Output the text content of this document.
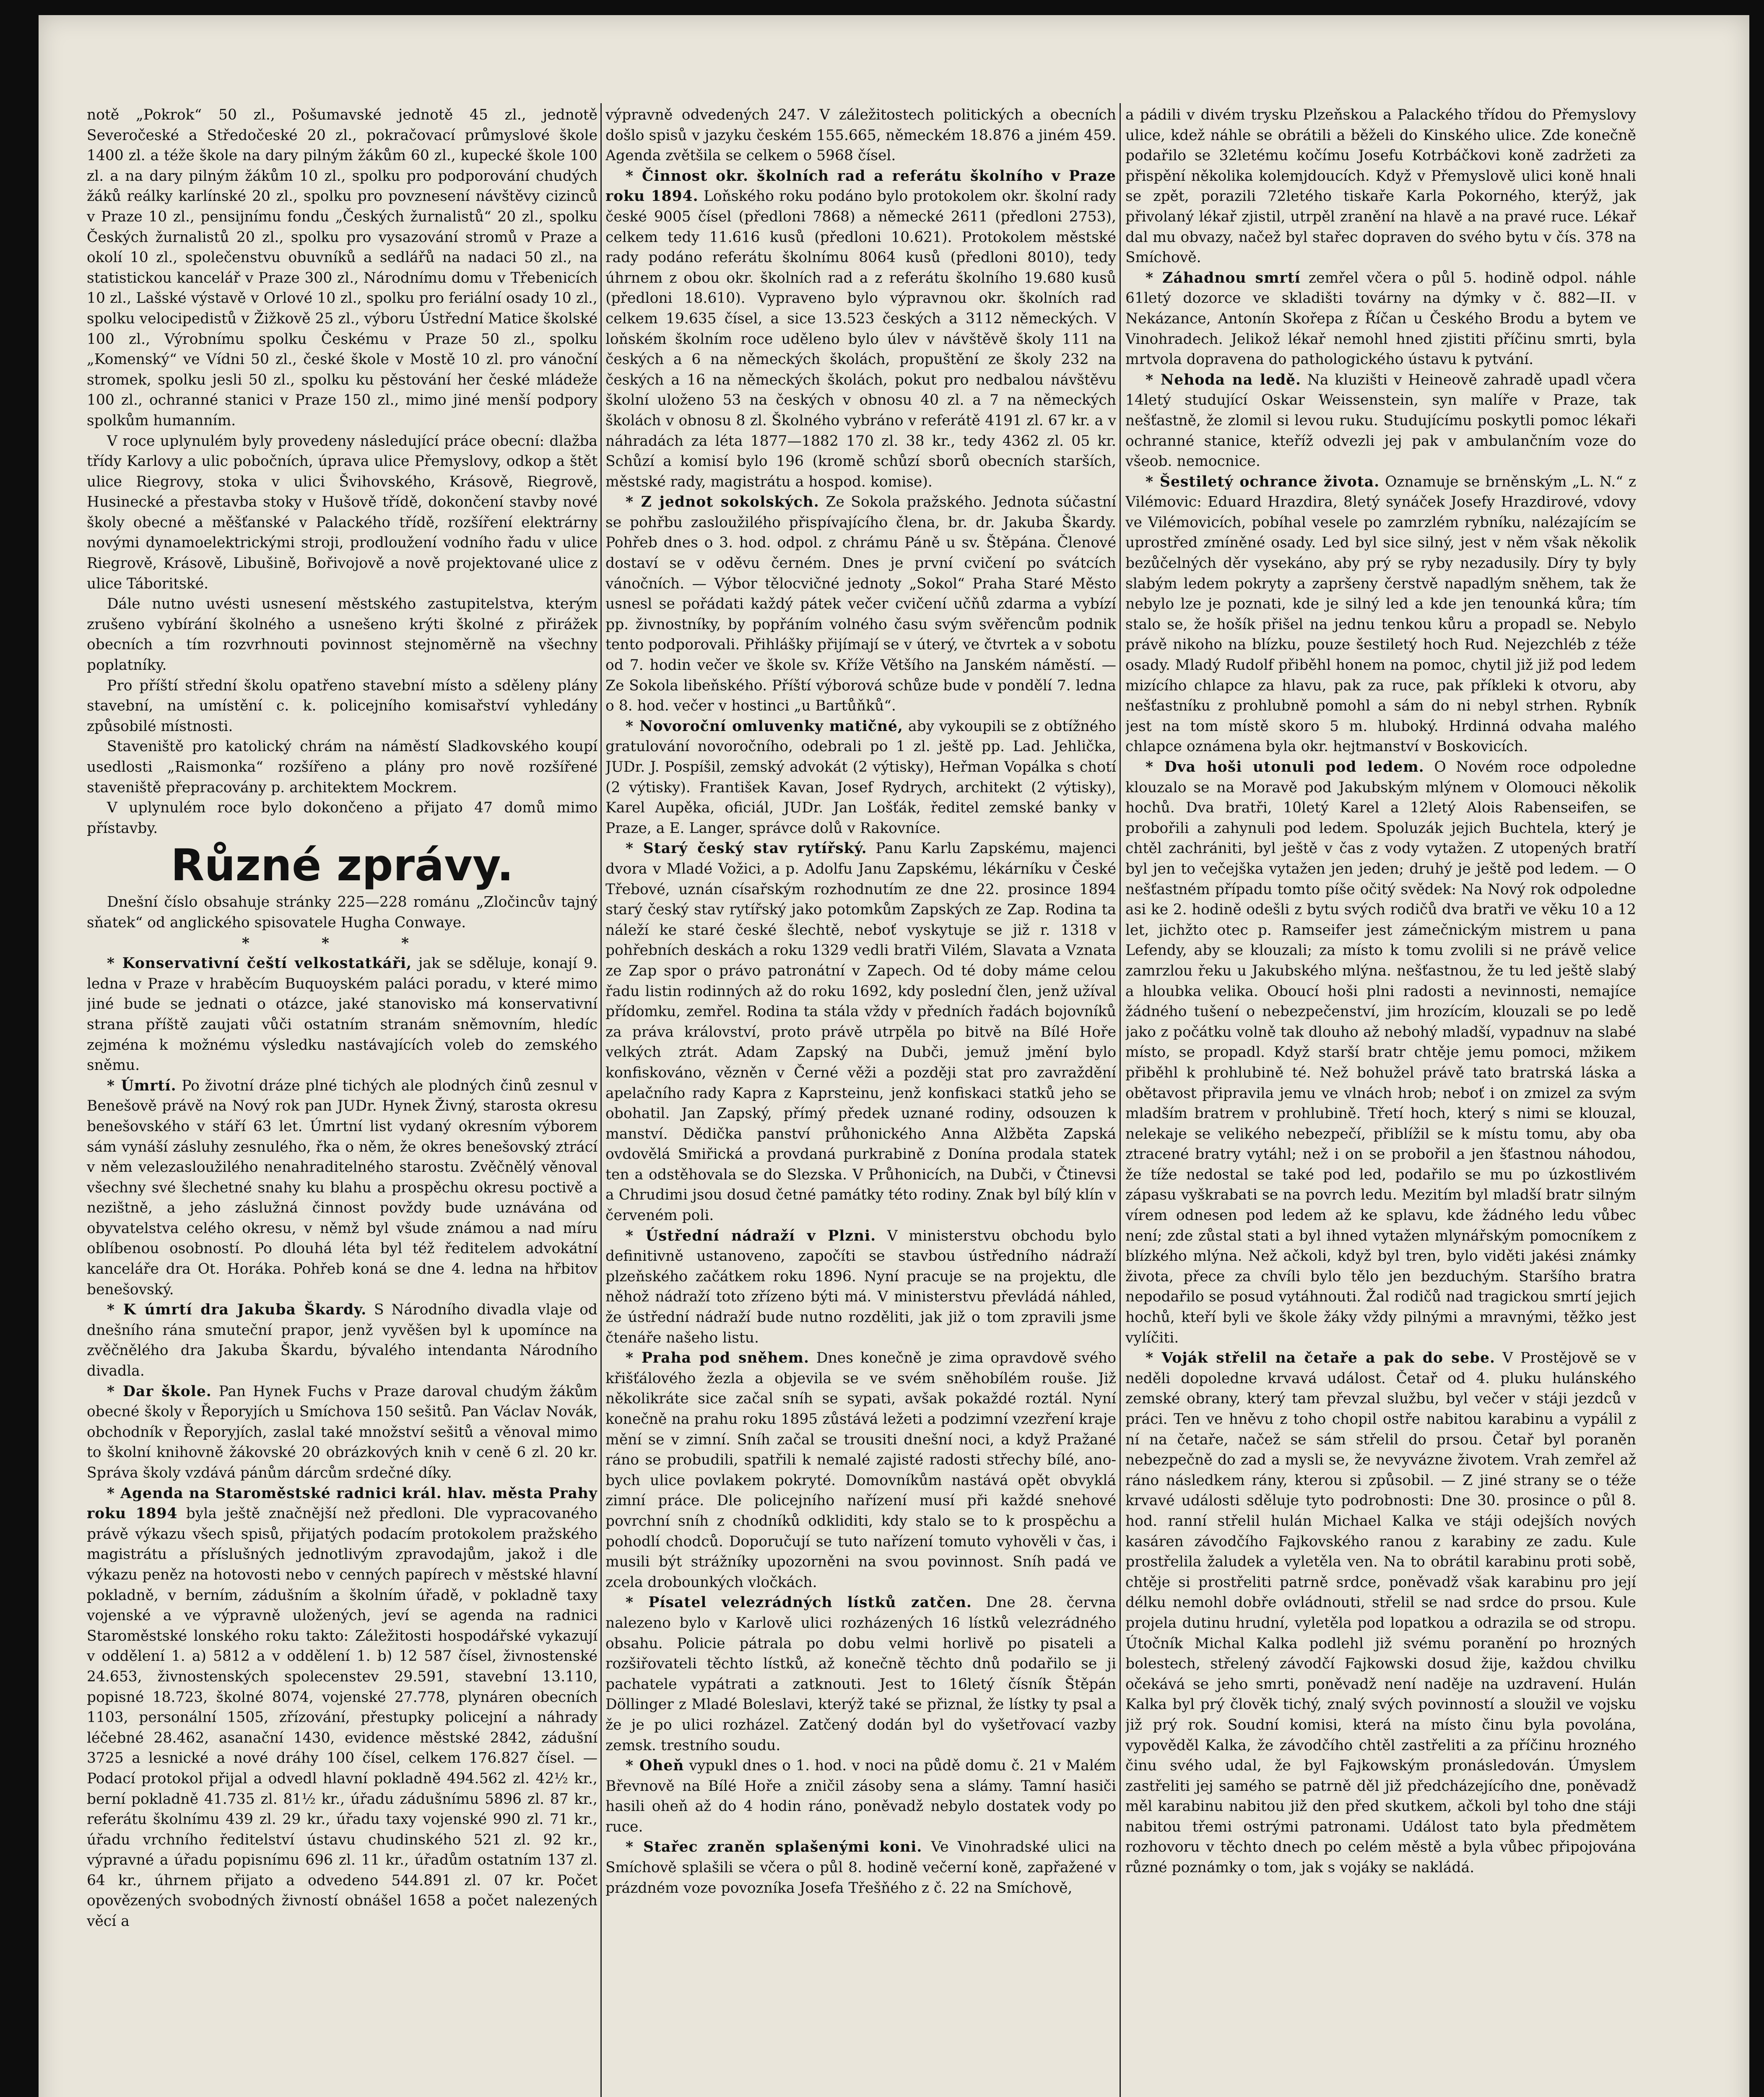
notě „Pokrok“ 50 zl., Pošumavské jednotě 45 zl., jednotě Severočeské a Středočeské 20 zl., pokračovací průmyslové škole 1400 zl. a téže škole na dary pilným žákům 60 zl., kupecké škole 100 zl. a na dary pilným žákům 10 zl., spolku pro podporování chudých žáků reálky karlínské 20 zl., spolku pro povznesení návštěvy cizinců v Praze 10 zl., pensijnímu fondu „Českých žurnalistů“ 20 zl., spolku Českých žurnalistů 20 zl., spolku pro vysazování stromů v Praze a okolí 10 zl., společenstvu obuvníků a sedlářů na nadaci 50 zl., na statistickou kancelář v Praze 300 zl., Národnímu domu v Třebenicích 10 zl., Lašské výstavě v Orlové 10 zl., spolku pro feriální osady 10 zl., spolku velocipedistů v Žižkově 25 zl., výboru Ústřední Matice školské 100 zl., Výrobnímu spolku Českému v Praze 50 zl., spolku „Komenský“ ve Vídni 50 zl., české škole v Mostě 10 zl. pro vánoční stromek, spolku jesli 50 zl., spolku ku pěstování her české mládeže 100 zl., ochranné stanici v Praze 150 zl., mimo jiné menší podpory spolkům humanním.

V roce uplynulém byly provedeny následující práce obecní: dlažba třídy Karlovy a ulic pobočních, úprava ulice Přemyslovy, odkop a štět ulice Riegrovy, stoka v ulici Švihovského, Krásově, Riegrově, Husinecké a přestavba stoky v Hušově třídě, dokončení stavby nové školy obecné a měšťanské v Palackého třídě, rozšíření elektrárny novými dynamoelektrickými stroji, prodloužení vodního řadu v ulice Riegrově, Krásově, Libušině, Bořivojově a nově projektované ulice z ulice Táboritské.

Dále nutno uvésti usnesení městského zastupitelstva, kterým zrušeno vybírání školného a usnešeno krýti školné z přirážek obecních a tím rozvrhnouti povinnost stejnoměrně na všechny poplatníky.

Pro příští střední školu opatřeno stavební místo a sděleny plány stavební, na umístění c. k. policejního komisařství vyhledány způsobilé místnosti.

Staveniště pro katolický chrám na náměstí Sladkovského koupí usedlosti „Raismonka“ rozšířeno a plány pro nově rozšířené staveniště přepracovány p. architektem Mockrem.

V uplynulém roce bylo dokončeno a přijato 47 domů mimo přístavby.

Různé zprávy.

Dnešní číslo obsahuje stránky 225—228 románu „Zločincův tajný sňatek“ od anglického spisovatele Hugha Conwaye.

* * *

* Konservativní čeští velkostatkáři, jak se sděluje, konají 9. ledna v Praze v hraběcím Buquoyském paláci poradu, v které mimo jiné bude se jednati o otázce, jaké stanovisko má konservativní strana příště zaujati vůči ostatním stranám sněmovním, hledíc zejména k možnému výsledku nastávajících voleb do zemského sněmu.

* Úmrtí. Po životní dráze plné tichých ale plodných činů zesnul v Benešově právě na Nový rok pan JUDr. Hynek Živný, starosta okresu benešovského v stáří 63 let. Úmrtní list vydaný okresním výborem sám vynáší zásluhy zesnulého, řka o něm, že okres benešovský ztrácí v něm velezasloužilého nenahraditelného starostu. Zvěčnělý věnoval všechny své šlechetné snahy ku blahu a prospěchu okresu poctivě a nezištně, a jeho záslužná činnost povždy bude uznávána od obyvatelstva celého okresu, v němž byl všude známou a nad míru oblíbenou osobností. Po dlouhá léta byl též ředitelem advokátní kanceláře dra Ot. Horáka. Pohřeb koná se dne 4. ledna na hřbitov benešovský.

* K úmrtí dra Jakuba Škardy. S Národního divadla vlaje od dnešního rána smuteční prapor, jenž vyvěšen byl k upomínce na zvěčnělého dra Jakuba Škardu, bývalého intendanta Národního divadla.

* Dar škole. Pan Hynek Fuchs v Praze daroval chudým žákům obecné školy v Řeporyjích u Smíchova 150 sešitů. Pan Václav Novák, obchodník v Řeporyjích, zaslal také množství sešitů a věnoval mimo to školní knihovně žákovské 20 obrázkových knih v ceně 6 zl. 20 kr. Správa školy vzdává pánům dárcům srdečné díky.

* Agenda na Staroměstské radnici král. hlav. města Prahy roku 1894 byla ještě značnější než předloni. Dle vypracovaného právě výkazu všech spisů, přijatých podacím protokolem pražského magistrátu a příslušných jednotlivým zpravodajům, jakož i dle výkazu peněz na hotovosti nebo v cenných papírech v městské hlavní pokladně, v berním, zádušním a školním úřadě, v pokladně taxy vojenské a ve výpravně uložených, jeví se agenda na radnici Staroměstské lonského roku takto: Záležitosti hospodářské vykazují v oddělení 1. a) 5812 a v oddělení 1. b) 12 587 čísel, živnostenské 24.653, živnostenských spolecenstev 29.591, stavební 13.110, popisné 18.723, školné 8074, vojenské 27.778, plynáren obecních 1103, personální 1505, zřízování, přestupky policejní a náhrady léčebné 28.462, asanační 1430, evidence městské 2842, zádušní 3725 a lesnické a nové dráhy 100 čísel, celkem 176.827 čísel. — Podací protokol přijal a odvedl hlavní pokladně 494.562 zl. 42½ kr., berní pokladně 41.735 zl. 81½ kr., úřadu zádušnímu 5896 zl. 87 kr., referátu školnímu 439 zl. 29 kr., úřadu taxy vojenské 990 zl. 71 kr., úřadu vrchního ředitelství ústavu chudinského 521 zl. 92 kr., výpravné a úřadu popisnímu 696 zl. 11 kr., úřadům ostatním 137 zl. 64 kr., úhrnem přijato a odvedeno 544.891 zl. 07 kr. Počet opovězených svobodných živností obnášel 1658 a počet nalezených věcí a

výpravně odvedených 247. V záležitostech politických a obecních došlo spisů v jazyku českém 155.665, německém 18.876 a jiném 459. Agenda zvětšila se celkem o 5968 čísel.

* Činnost okr. školních rad a referátu školního v Praze roku 1894. Loňského roku podáno bylo protokolem okr. školní rady české 9005 čísel (předloni 7868) a německé 2611 (předloni 2753), celkem tedy 11.616 kusů (předloni 10.621). Protokolem městské rady podáno referátu školnímu 8064 kusů (předloni 8010), tedy úhrnem z obou okr. školních rad a z referátu školního 19.680 kusů (předloni 18.610). Vypraveno bylo výpravnou okr. školních rad celkem 19.635 čísel, a sice 13.523 českých a 3112 německých. V loňském školním roce uděleno bylo úlev v návštěvě školy 111 na českých a 6 na německých školách, propuštění ze školy 232 na českých a 16 na německých školách, pokut pro nedbalou návštěvu školní uloženo 53 na českých v obnosu 40 zl. a 7 na německých školách v obnosu 8 zl. Školného vybráno v referátě 4191 zl. 67 kr. a v náhradách za léta 1877—1882 170 zl. 38 kr., tedy 4362 zl. 05 kr. Schůzí a komisí bylo 196 (kromě schůzí sborů obecních starších, městské rady, magistrátu a hospod. komise).

* Z jednot sokolských. Ze Sokola pražského. Jednota súčastní se pohřbu zasloužilého přispívajícího člena, br. dr. Jakuba Škardy. Pohřeb dnes o 3. hod. odpol. z chrámu Páně u sv. Štěpána. Členové dostaví se v oděvu černém. Dnes je první cvičení po svátcích vánočních. — Výbor tělocvičné jednoty „Sokol“ Praha Staré Město usnesl se pořádati každý pátek večer cvičení učňů zdarma a vybízí pp. živnostníky, by popřáním volného času svým svěřencům podnik tento podporovali. Přihlášky přijímají se v úterý, ve čtvrtek a v sobotu od 7. hodin večer ve škole sv. Kříže Většího na Janském náměstí. — Ze Sokola libeňského. Příští výborová schůze bude v pondělí 7. ledna o 8. hod. večer v hostinci „u Bartůňků“.

* Novoroční omluvenky matičné, aby vykoupili se z obtížného gratulování novoročního, odebrali po 1 zl. ještě pp. Lad. Jehlička, JUDr. J. Pospíšil, zemský advokát (2 výtisky), Heřman Vopálka s chotí (2 výtisky). František Kavan, Josef Rydrych, architekt (2 výtisky), Karel Aupěka, oficiál, JUDr. Jan Lošťák, ředitel zemské banky v Praze, a E. Langer, správce dolů v Rakovníce.

* Starý český stav rytířský. Panu Karlu Zapskému, majenci dvora v Mladé Vožici, a p. Adolfu Janu Zapskému, lékárníku v České Třebové, uznán císařským rozhodnutím ze dne 22. prosince 1894 starý český stav rytířský jako potomkům Zapských ze Zap. Rodina ta náleží ke staré české šlechtě, neboť vyskytuje se již r. 1318 v pohřebních deskách a roku 1329 vedli bratři Vilém, Slavata a Vznata ze Zap spor o právo patronátní v Zapech. Od té doby máme celou řadu listin rodinných až do roku 1692, kdy poslední člen, jenž užíval přídomku, zemřel. Rodina ta stála vždy v předních řadách bojovníků za práva království, proto právě utrpěla po bitvě na Bílé Hoře velkých ztrát. Adam Zapský na Dubči, jemuž jmění bylo konfiskováno, vězněn v Černé věži a později stat pro zavraždění apelačního rady Kapra z Kaprsteinu, jenž konfiskaci statků jeho se obohatil. Jan Zapský, přímý předek uznané rodiny, odsouzen k manství. Dědička panství průhonického Anna Alžběta Zapská ovdovělá Smiřická a provdaná purkrabině z Donína prodala statek ten a odstěhovala se do Slezska. V Průhonicích, na Dubči, v Čtinevsi a Chrudimi jsou dosud četné památky této rodiny. Znak byl bílý klín v červeném poli.

* Ústřední nádraží v Plzni. V ministerstvu obchodu bylo definitivně ustanoveno, započíti se stavbou ústředního nádraží plzeňského začátkem roku 1896. Nyní pracuje se na projektu, dle něhož nádraží toto zřízeno býti má. V ministerstvu převládá náhled, že ústřední nádraží bude nutno rozděliti, jak již o tom zpravili jsme čtenáře našeho listu.

* Praha pod sněhem. Dnes konečně je zima opravdově svého křišťálového žezla a objevila se ve svém sněhobílém rouše. Již několikráte sice začal sníh se sypati, avšak pokaždé roztál. Nyní konečně na prahu roku 1895 zůstává ležeti a podzimní vzezření kraje mění se v zimní. Sníh začal se trousiti dnešní noci, a když Pražané ráno se probudili, spatřili k nemalé zajisté radosti střechy bílé, ano-bych ulice povlakem pokryté. Domovníkům nastává opět obvyklá zimní práce. Dle policejního nařízení musí při každé snehové povrchní sníh z chodníků odkliditi, kdy stalo se to k prospěchu a pohodlí chodců. Doporučují se tuto nařízení tomuto vyhověli v čas, i musili být strážníky upozorněni na svou povinnost. Sníh padá ve zcela drobounkých vločkách.

* Písatel velezrádných lístků zatčen. Dne 28. června nalezeno bylo v Karlově ulici rozházených 16 lístků velezrádného obsahu. Policie pátrala po dobu velmi horlivě po pisateli a rozšiřovateli těchto lístků, až konečně těchto dnů podařilo se ji pachatele vypátrati a zatknouti. Jest to 16letý čísník Štěpán Döllinger z Mladé Boleslavi, kterýž také se přiznal, že lístky ty psal a že je po ulici rozházel. Zatčený dodán byl do vyšetřovací vazby zemsk. trestního soudu.

* Oheň vypukl dnes o 1. hod. v noci na půdě domu č. 21 v Malém Břevnově na Bílé Hoře a zničil zásoby sena a slámy. Tamní hasiči hasili oheň až do 4 hodin ráno, poněvadž nebylo dostatek vody po ruce.

* Stařec zraněn splašenými koni. Ve Vinohradské ulici na Smíchově splašili se včera o půl 8. hodině večerní koně, zapřažené v prázdném voze povozníka Josefa Třešňého z č. 22 na Smíchově,

a pádili v divém trysku Plzeňskou a Palackého třídou do Přemyslovy ulice, kdež náhle se obrátili a běželi do Kinského ulice. Zde konečně podařilo se 32letému kočímu Josefu Kotrbáčkovi koně zadržeti za přispění několika kolemjdoucích. Když v Přemyslově ulici koně hnali se zpět, porazili 72letého tiskaře Karla Pokorného, kterýž, jak přivolaný lékař zjistil, utrpěl zranění na hlavě a na pravé ruce. Lékař dal mu obvazy, načež byl stařec dopraven do svého bytu v čís. 378 na Smíchově.

* Záhadnou smrtí zemřel včera o půl 5. hodině odpol. náhle 61letý dozorce ve skladišti továrny na dýmky v č. 882—II. v Nekázance, Antonín Skořepa z Říčan u Českého Brodu a bytem ve Vinohradech. Jelikož lékař nemohl hned zjistiti příčinu smrti, byla mrtvola dopravena do pathologického ústavu k pytvání.

* Nehoda na ledě. Na kluzišti v Heineově zahradě upadl včera 14letý studující Oskar Weissenstein, syn malíře v Praze, tak nešťastně, že zlomil si levou ruku. Studujícímu poskytli pomoc lékaři ochranné stanice, kteříž odvezli jej pak v ambulančním voze do všeob. nemocnice.

* Šestiletý ochrance života. Oznamuje se brněnským „L. N.“ z Vilémovic: Eduard Hrazdira, 8letý synáček Josefy Hrazdirové, vdovy ve Vilémovicích, pobíhal vesele po zamrzlém rybníku, nalézajícím se uprostřed zmíněné osady. Led byl sice silný, jest v něm však několik bezůčelných děr vysekáno, aby prý se ryby nezadusily. Díry ty byly slabým ledem pokryty a zapršeny čerstvě napadlým sněhem, tak že nebylo lze je poznati, kde je silný led a kde jen tenounká kůra; tím stalo se, že hošík přišel na jednu tenkou kůru a propadl se. Nebylo právě nikoho na blízku, pouze šestiletý hoch Rud. Nejezchléb z téže osady. Mladý Rudolf přiběhl honem na pomoc, chytil již již pod ledem mizícího chlapce za hlavu, pak za ruce, pak příkleki k otvoru, aby nešťastníku z prohlubně pomohl a sám do ni nebyl strhen. Rybník jest na tom místě skoro 5 m. hluboký. Hrdinná odvaha malého chlapce oznámena byla okr. hejtmanství v Boskovicích.

* Dva hoši utonuli pod ledem. O Novém roce odpoledne klouzalo se na Moravě pod Jakubským mlýnem v Olomouci několik hochů. Dva bratři, 10letý Karel a 12letý Alois Rabenseifen, se probořili a zahynuli pod ledem. Spoluzák jejich Buchtela, který je chtěl zachrániti, byl ještě v čas z vody vytažen. Z utopených bratří byl jen to večejška vytažen jen jeden; druhý je ještě pod ledem. — O nešťastném případu tomto píše očitý svědek: Na Nový rok odpoledne asi ke 2. hodině odešli z bytu svých rodičů dva bratři ve věku 10 a 12 let, jichžto otec p. Ramseifer jest zámečnickým mistrem u pana Lefendy, aby se klouzali; za místo k tomu zvolili si ne právě velice zamrzlou řeku u Jakubského mlýna. nešťastnou, že tu led ještě slabý a hloubka velika. Oboucí hoši plni radosti a nevinnosti, nemajíce žádného tušení o nebezpečenství, jim hrozícím, klouzali se po ledě jako z počátku volně tak dlouho až nebohý mladší, vypadnuv na slabé místo, se propadl. Když starší bratr chtěje jemu pomoci, mžikem přiběhl k prohlubině té. Než bohužel právě tato bratrská láska a obětavost připravila jemu ve vlnách hrob; neboť i on zmizel za svým mladším bratrem v prohlubině. Třetí hoch, který s nimi se klouzal, nelekaje se velikého nebezpečí, přiblížil se k místu tomu, aby oba ztracené bratry vytáhl; než i on se probořil a jen šťastnou náhodou, že tíže nedostal se také pod led, podařilo se mu po úzkostlivém zápasu vyškrabati se na povrch ledu. Mezitím byl mladší bratr silným vírem odnesen pod ledem až ke splavu, kde žádného ledu vůbec není; zde zůstal stati a byl ihned vytažen mlynářským pomocníkem z blízkého mlýna. Než ačkoli, když byl tren, bylo viděti jakési známky života, přece za chvíli bylo tělo jen bezduchým. Staršího bratra nepodařilo se posud vytáhnouti. Žal rodičů nad tragickou smrtí jejich hochů, kteří byli ve škole žáky vždy pilnými a mravnými, těžko jest vylíčiti.

* Voják střelil na četaře a pak do sebe. V Prostějově se v neděli dopoledne krvavá událost. Četař od 4. pluku hulánského zemské obrany, který tam převzal službu, byl večer v stáji jezdců v práci. Ten ve hněvu z toho chopil ostře nabitou karabinu a vypálil z ní na četaře, načež se sám střelil do prsou. Četař byl poraněn nebezpečně do zad a mysli se, že nevyvázne životem. Vrah zemřel až ráno následkem rány, kterou si způsobil. — Z jiné strany se o téže krvavé události sděluje tyto podrobnosti: Dne 30. prosince o půl 8. hod. ranní střelil hulán Michael Kalka ve stáji odejších nových kasáren závodčího Fajkovského ranou z karabiny ze zadu. Kule prostřelila žaludek a vyletěla ven. Na to obrátil karabinu proti sobě, chtěje si prostřeliti patrně srdce, poněvadž však karabinu pro její délku nemohl dobře ovládnouti, střelil se nad srdce do prsou. Kule projela dutinu hrudní, vyletěla pod lopatkou a odrazila se od stropu. Útočník Michal Kalka podlehl již svému poranění po hrozných bolestech, střelený závodčí Fajkowski dosud žije, každou chvilku očekává se jeho smrti, poněvadž není naděje na uzdravení. Hulán Kalka byl prý člověk tichý, znalý svých povinností a sloužil ve vojsku již prý rok. Soudní komisi, která na místo činu byla povolána, vypověděl Kalka, že závodčího chtěl zastřeliti a za příčinu hrozného činu svého udal, že byl Fajkowským pronásledován. Úmyslem zastřeliti jej samého se patrně děl již předcházejícího dne, poněvadž měl karabinu nabitou již den před skutkem, ačkoli byl toho dne stáji nabitou třemi ostrými patronami. Událost tato byla předmětem rozhovoru v těchto dnech po celém městě a byla vůbec připojována různé poznámky o tom, jak s vojáky se nakládá.
